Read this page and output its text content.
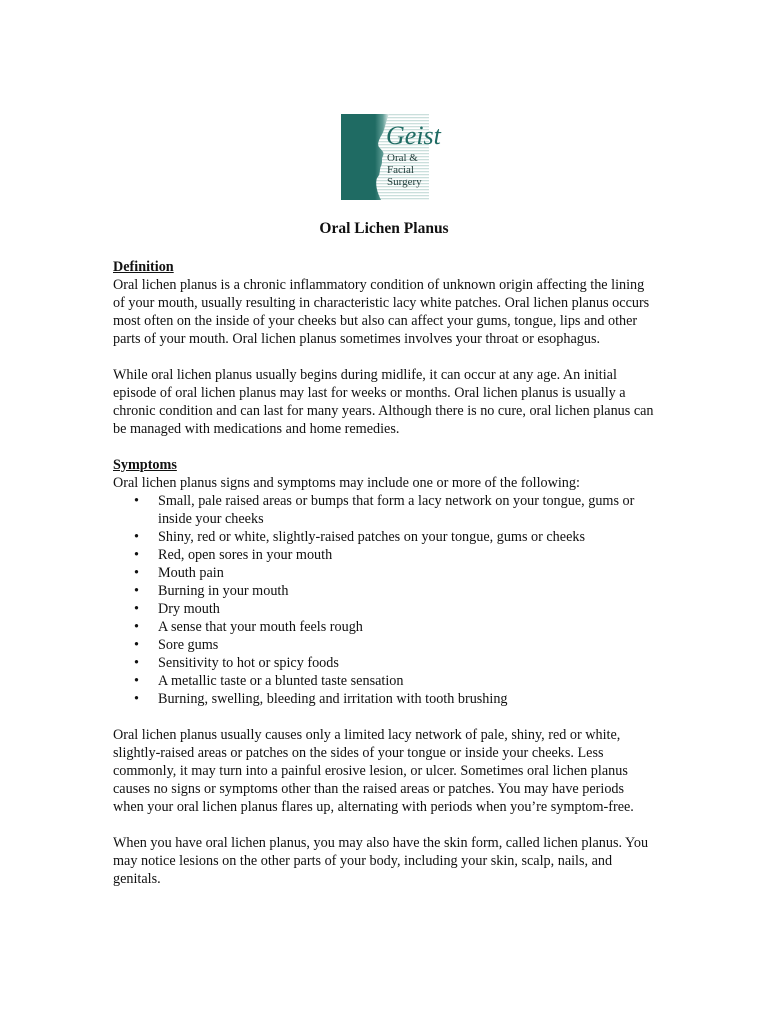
Geist
Oral &
Facial
Surgery
Oral Lichen Planus

Definition

Oral lichen planus is a chronic inflammatory condition of unknown origin affecting the lining of your mouth, usually resulting in characteristic lacy white patches. Oral lichen planus occurs most often on the inside of your cheeks but also can affect your gums, tongue, lips and other parts of your mouth. Oral lichen planus sometimes involves your throat or esophagus.

While oral lichen planus usually begins during midlife, it can occur at any age. An initial episode of oral lichen planus may last for weeks or months. Oral lichen planus is usually a chronic condition and can last for many years. Although there is no cure, oral lichen planus can be managed with medications and home remedies.

Symptoms

Oral lichen planus signs and symptoms may include one or more of the following:

• Small, pale raised areas or bumps that form a lacy network on your tongue, gums or inside your cheeks
• Shiny, red or white, slightly-raised patches on your tongue, gums or cheeks
• Red, open sores in your mouth
• Mouth pain
• Burning in your mouth
• Dry mouth
• A sense that your mouth feels rough
• Sore gums
• Sensitivity to hot or spicy foods
• A metallic taste or a blunted taste sensation
• Burning, swelling, bleeding and irritation with tooth brushing

Oral lichen planus usually causes only a limited lacy network of pale, shiny, red or white, slightly-raised areas or patches on the sides of your tongue or inside your cheeks. Less commonly, it may turn into a painful erosive lesion, or ulcer. Sometimes oral lichen planus causes no signs or symptoms other than the raised areas or patches. You may have periods when your oral lichen planus flares up, alternating with periods when you’re symptom-free.

When you have oral lichen planus, you may also have the skin form, called lichen planus. You may notice lesions on the other parts of your body, including your skin, scalp, nails, and genitals.
